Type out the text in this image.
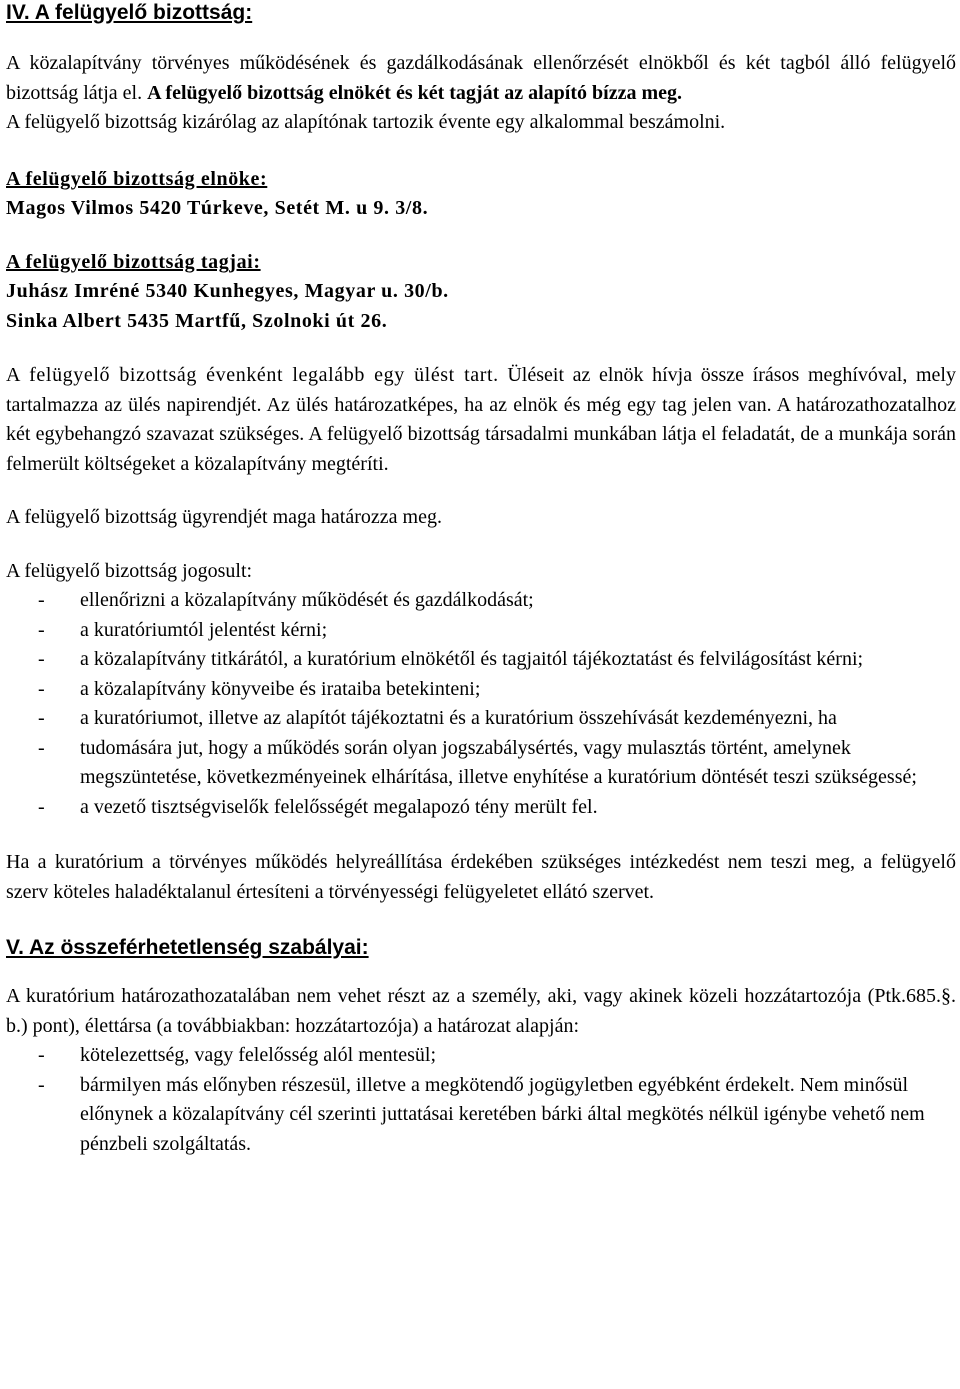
IV. A felügyelő bizottság:

A közalapítvány törvényes működésének és gazdálkodásának ellenőrzését elnökből és két tagból álló felügyelő bizottság látja el. A felügyelő bizottság elnökét és két tagját az alapító bízza meg.
A felügyelő bizottság kizárólag az alapítónak tartozik évente egy alkalommal beszámolni.

A felügyelő bizottság elnöke:
Magos Vilmos 5420 Túrkeve, Setét M. u 9. 3/8.

A felügyelő bizottság tagjai:
Juhász Imréné 5340 Kunhegyes, Magyar u. 30/b.
Sinka Albert 5435 Martfű, Szolnoki út 26.

A felügyelő bizottság évenként legalább egy ülést tart. Üléseit az elnök hívja össze írásos meghívóval, mely tartalmazza az ülés napirendjét. Az ülés határozatképes, ha az elnök és még egy tag jelen van. A határozathozatalhoz két egybehangzó szavazat szükséges. A felügyelő bizottság társadalmi munkában látja el feladatát, de a munkája során felmerült költségeket a közalapítvány megtéríti.

A felügyelő bizottság ügyrendjét maga határozza meg.

A felügyelő bizottság jogosult:

- ellenőrizni a közalapítvány működését és gazdálkodását;
- a kuratóriumtól jelentést kérni;
- a közalapítvány titkárától, a kuratórium elnökétől és tagjaitól tájékoztatást és felvilágosítást kérni;
- a közalapítvány könyveibe és irataiba betekinteni;
- a kuratóriumot, illetve az alapítót tájékoztatni és a kuratórium összehívását kezdeményezni, ha
- tudomására jut, hogy a működés során olyan jogszabálysértés, vagy mulasztás történt, amelynek megszüntetése, következményeinek elhárítása, illetve enyhítése a kuratórium döntését teszi szükségessé;
- a vezető tisztségviselők felelősségét megalapozó tény merült fel.

Ha a kuratórium a törvényes működés helyreállítása érdekében szükséges intézkedést nem teszi meg, a felügyelő szerv köteles haladéktalanul értesíteni a törvényességi felügyeletet ellátó szervet.

V. Az összeférhetetlenség szabályai:

A kuratórium határozathozatalában nem vehet részt az a személy, aki, vagy akinek közeli hozzátartozója (Ptk.685.§. b.) pont), élettársa (a továbbiakban: hozzátartozója) a határozat alapján:

- kötelezettség, vagy felelősség alól mentesül;
- bármilyen más előnyben részesül, illetve a megkötendő jogügyletben egyébként érdekelt. Nem minősül előnynek a közalapítvány cél szerinti juttatásai keretében bárki által megkötés nélkül igénybe vehető nem pénzbeli szolgáltatás.
